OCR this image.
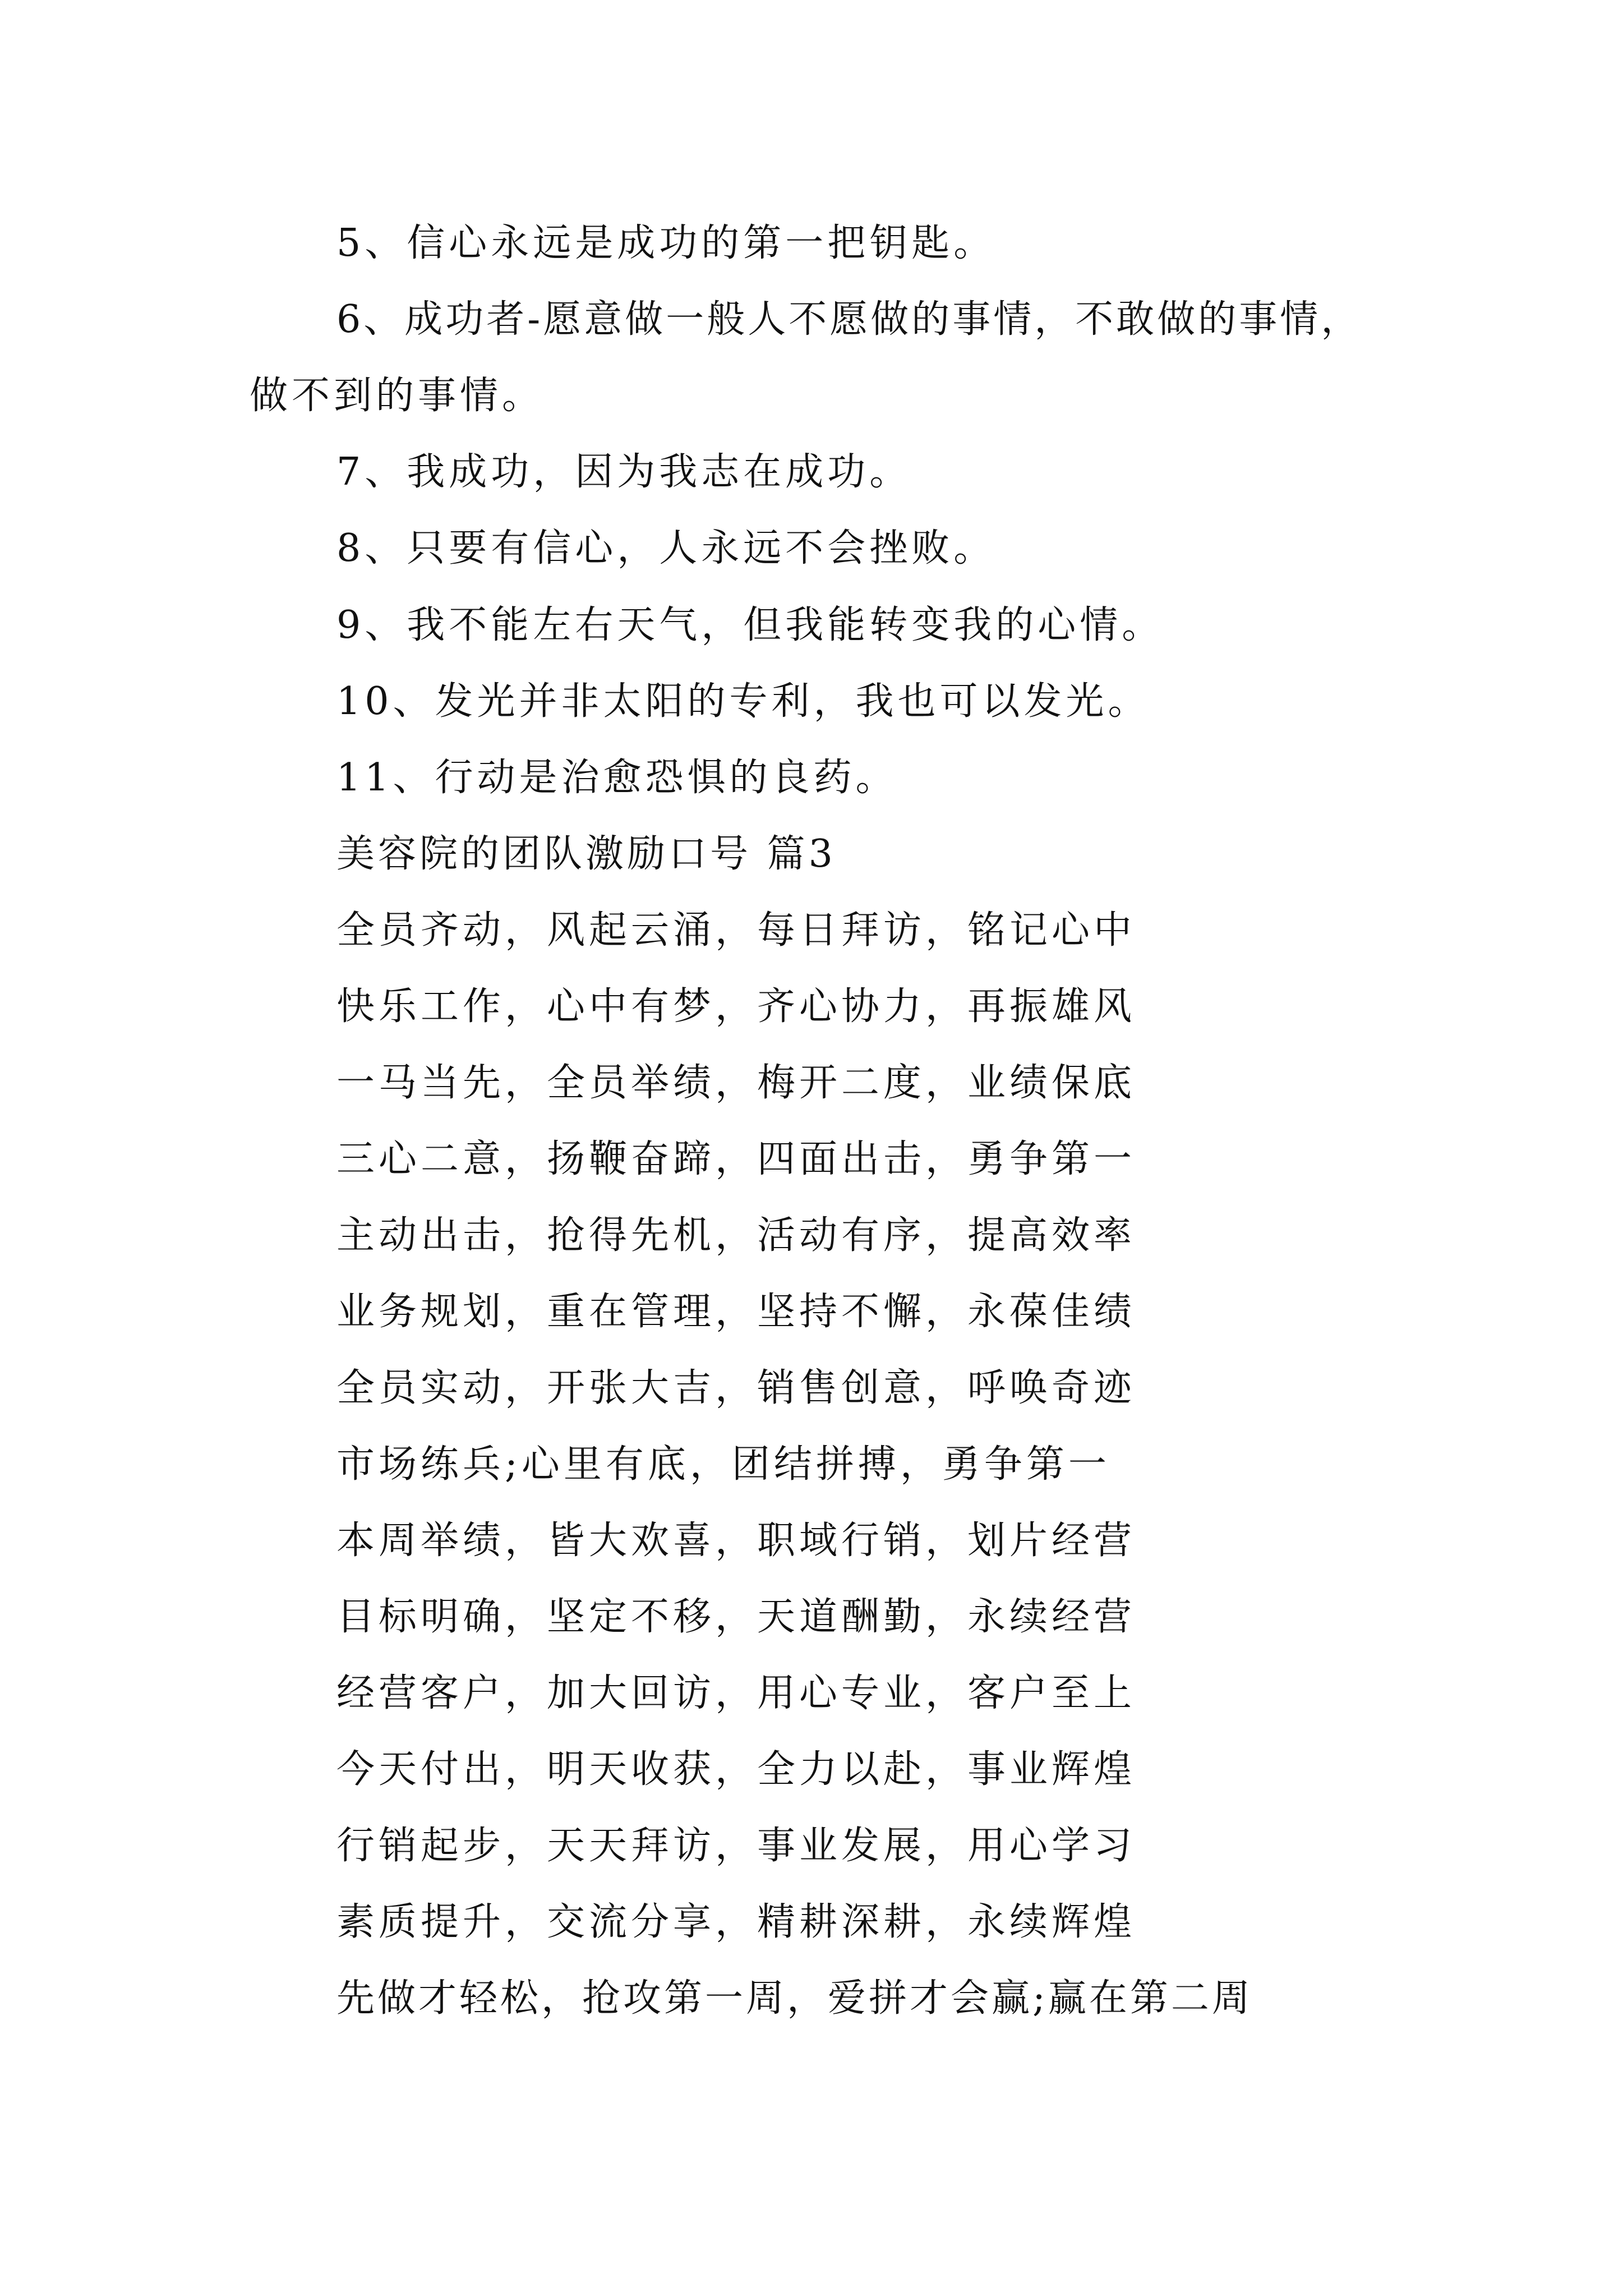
5、信心永远是成功的第一把钥匙。
6、成功者-愿意做一般人不愿做的事情，不敢做的事情，
做不到的事情。
7、我成功，因为我志在成功。
8、只要有信心，人永远不会挫败。
9、我不能左右天气，但我能转变我的心情。
10、发光并非太阳的专利，我也可以发光。
11、行动是治愈恐惧的良药。
美容院的团队激励口号 篇3
全员齐动，风起云涌，每日拜访，铭记心中
快乐工作，心中有梦，齐心协力，再振雄风
一马当先，全员举绩，梅开二度，业绩保底
三心二意，扬鞭奋蹄，四面出击，勇争第一
主动出击，抢得先机，活动有序，提高效率
业务规划，重在管理，坚持不懈，永葆佳绩
全员实动，开张大吉，销售创意，呼唤奇迹
市场练兵;心里有底，团结拼搏，勇争第一
本周举绩，皆大欢喜，职域行销，划片经营
目标明确，坚定不移，天道酬勤，永续经营
经营客户，加大回访，用心专业，客户至上
今天付出，明天收获，全力以赴，事业辉煌
行销起步，天天拜访，事业发展，用心学习
素质提升，交流分享，精耕深耕，永续辉煌
先做才轻松，抢攻第一周，爱拼才会赢;赢在第二周
